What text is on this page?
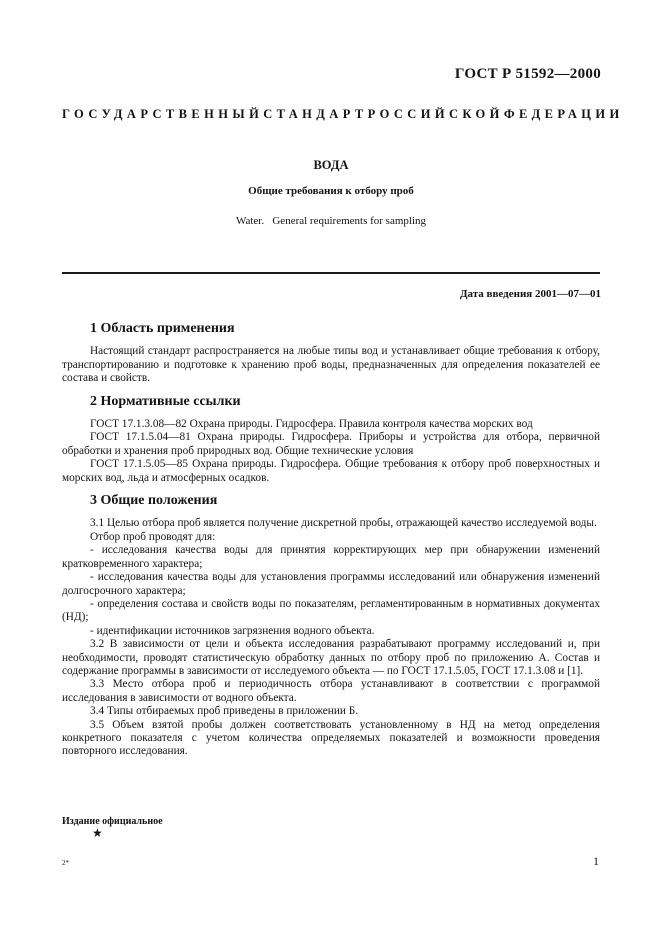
ГОСТ Р 51592—2000
ГОСУДАРСТВЕННЫЙ СТАНДАРТ РОССИЙСКОЙ ФЕДЕРАЦИИ
ВОДА
Общие требования к отбору проб
Water.   General requirements for sampling
Дата введения 2001—07—01
1 Область применения

Настоящий стандарт распространяется на любые типы вод и устанавливает общие требования к отбору, транспортированию и подготовке к хранению проб воды, предназначенных для определения показателей ее состава и свойств.

2 Нормативные ссылки

ГОСТ 17.1.3.08—82 Охрана природы. Гидросфера. Правила контроля качества морских вод

ГОСТ 17.1.5.04—81 Охрана природы. Гидросфера. Приборы и устройства для отбора, первичной обработки и хранения проб природных вод. Общие технические условия

ГОСТ 17.1.5.05—85 Охрана природы. Гидросфера. Общие требования к отбору проб поверхностных и морских вод, льда и атмосферных осадков.

3 Общие положения

3.1 Целью отбора проб является получение дискретной пробы, отражающей качество исследуемой воды.

Отбор проб проводят для:

- исследования качества воды для принятия корректирующих мер при обнаружении изменений кратковременного характера;

- исследования качества воды для установления программы исследований или обнаружения изменений долгосрочного характера;

- определения состава и свойств воды по показателям, регламентированным в нормативных документах (НД);

- идентификации источников загрязнения водного объекта.

3.2 В зависимости от цели и объекта исследования разрабатывают программу исследований и, при необходимости, проводят статистическую обработку данных по отбору проб по приложению А. Состав и содержание программы в зависимости от исследуемого объекта — по ГОСТ 17.1.5.05, ГОСТ 17.1.3.08 и [1].

3.3 Место отбора проб и периодичность отбора устанавливают в соответствии с программой исследования в зависимости от водного объекта.

3.4 Типы отбираемых проб приведены в приложении Б.

3.5 Объем взятой пробы должен соответствовать установленному в НД на метод определения конкретного показателя с учетом количества определяемых показателей и возможности проведения повторного исследования.

Издание официальное
★
2*	1
